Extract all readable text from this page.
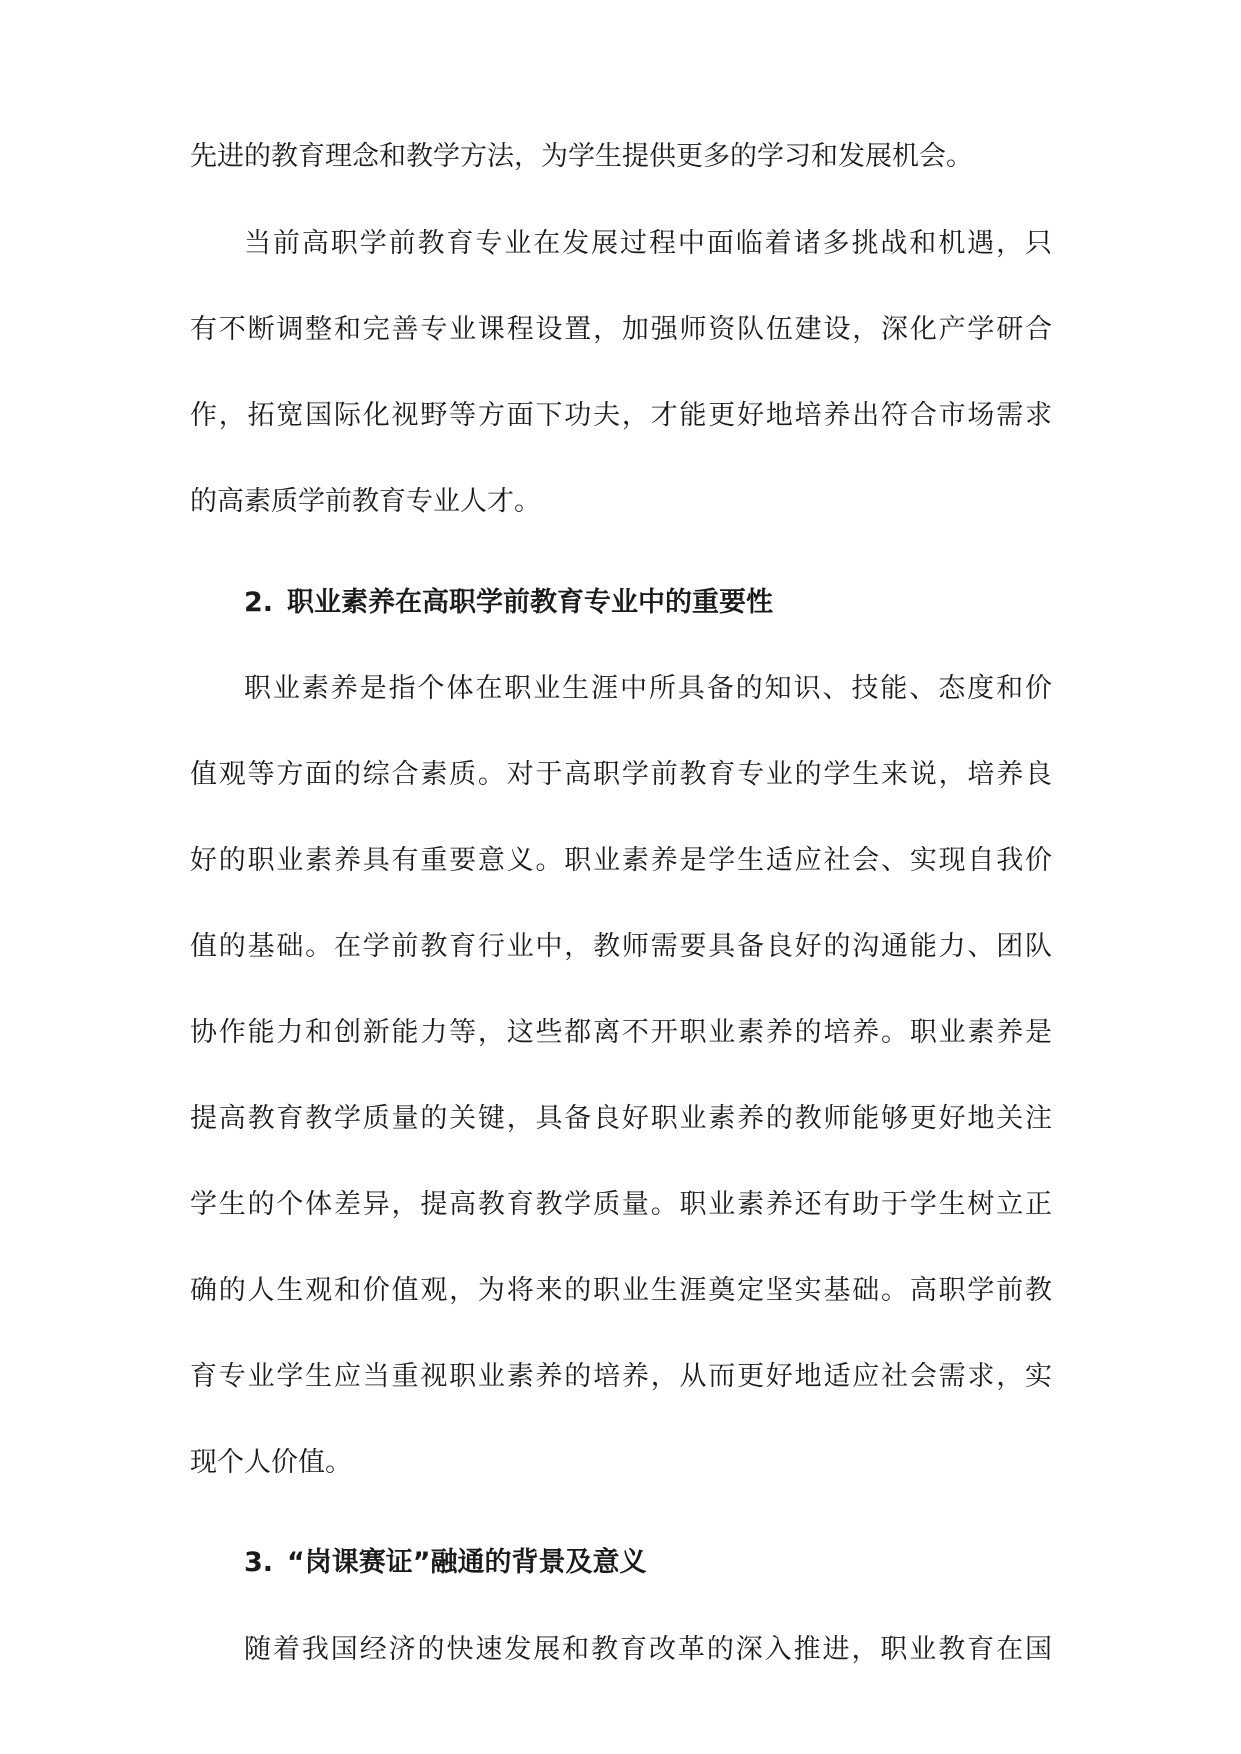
先进的教育理念和教学方法，为学生提供更多的学习和发展机会。
当前高职学前教育专业在发展过程中面临着诸多挑战和机遇，只
有不断调整和完善专业课程设置，加强师资队伍建设，深化产学研合
作，拓宽国际化视野等方面下功夫，才能更好地培养出符合市场需求
的高素质学前教育专业人才。
2. 职业素养在高职学前教育专业中的重要性
职业素养是指个体在职业生涯中所具备的知识、技能、态度和价
值观等方面的综合素质。对于高职学前教育专业的学生来说，培养良
好的职业素养具有重要意义。职业素养是学生适应社会、实现自我价
值的基础。在学前教育行业中，教师需要具备良好的沟通能力、团队
协作能力和创新能力等，这些都离不开职业素养的培养。职业素养是
提高教育教学质量的关键，具备良好职业素养的教师能够更好地关注
学生的个体差异，提高教育教学质量。职业素养还有助于学生树立正
确的人生观和价值观，为将来的职业生涯奠定坚实基础。高职学前教
育专业学生应当重视职业素养的培养，从而更好地适应社会需求，实
现个人价值。
3. “岗课赛证”融通的背景及意义
随着我国经济的快速发展和教育改革的深入推进，职业教育在国
